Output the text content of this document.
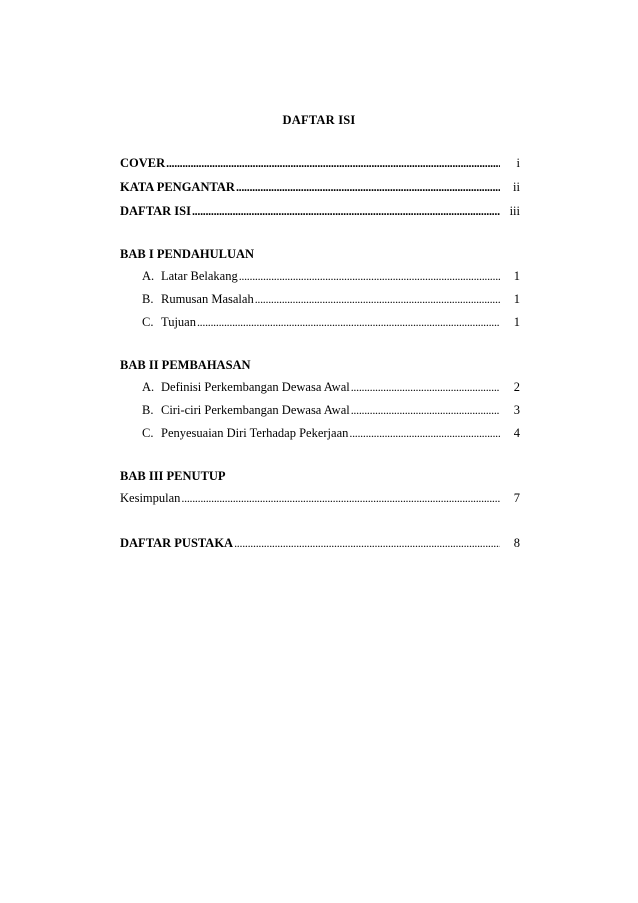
DAFTAR ISI
COVER .....	i
KATA PENGANTAR .....	ii
DAFTAR ISI .....	iii
BAB I PENDAHULUAN
A. Latar Belakang .....	1
B. Rumusan Masalah .....	1
C. Tujuan .....	1
BAB II PEMBAHASAN
A. Definisi Perkembangan Dewasa Awal .....	2
B. Ciri-ciri Perkembangan Dewasa Awal .....	3
C. Penyesuaian Diri Terhadap Pekerjaan .....	4
BAB III PENUTUP
Kesimpulan .....	7
DAFTAR PUSTAKA .....	8
